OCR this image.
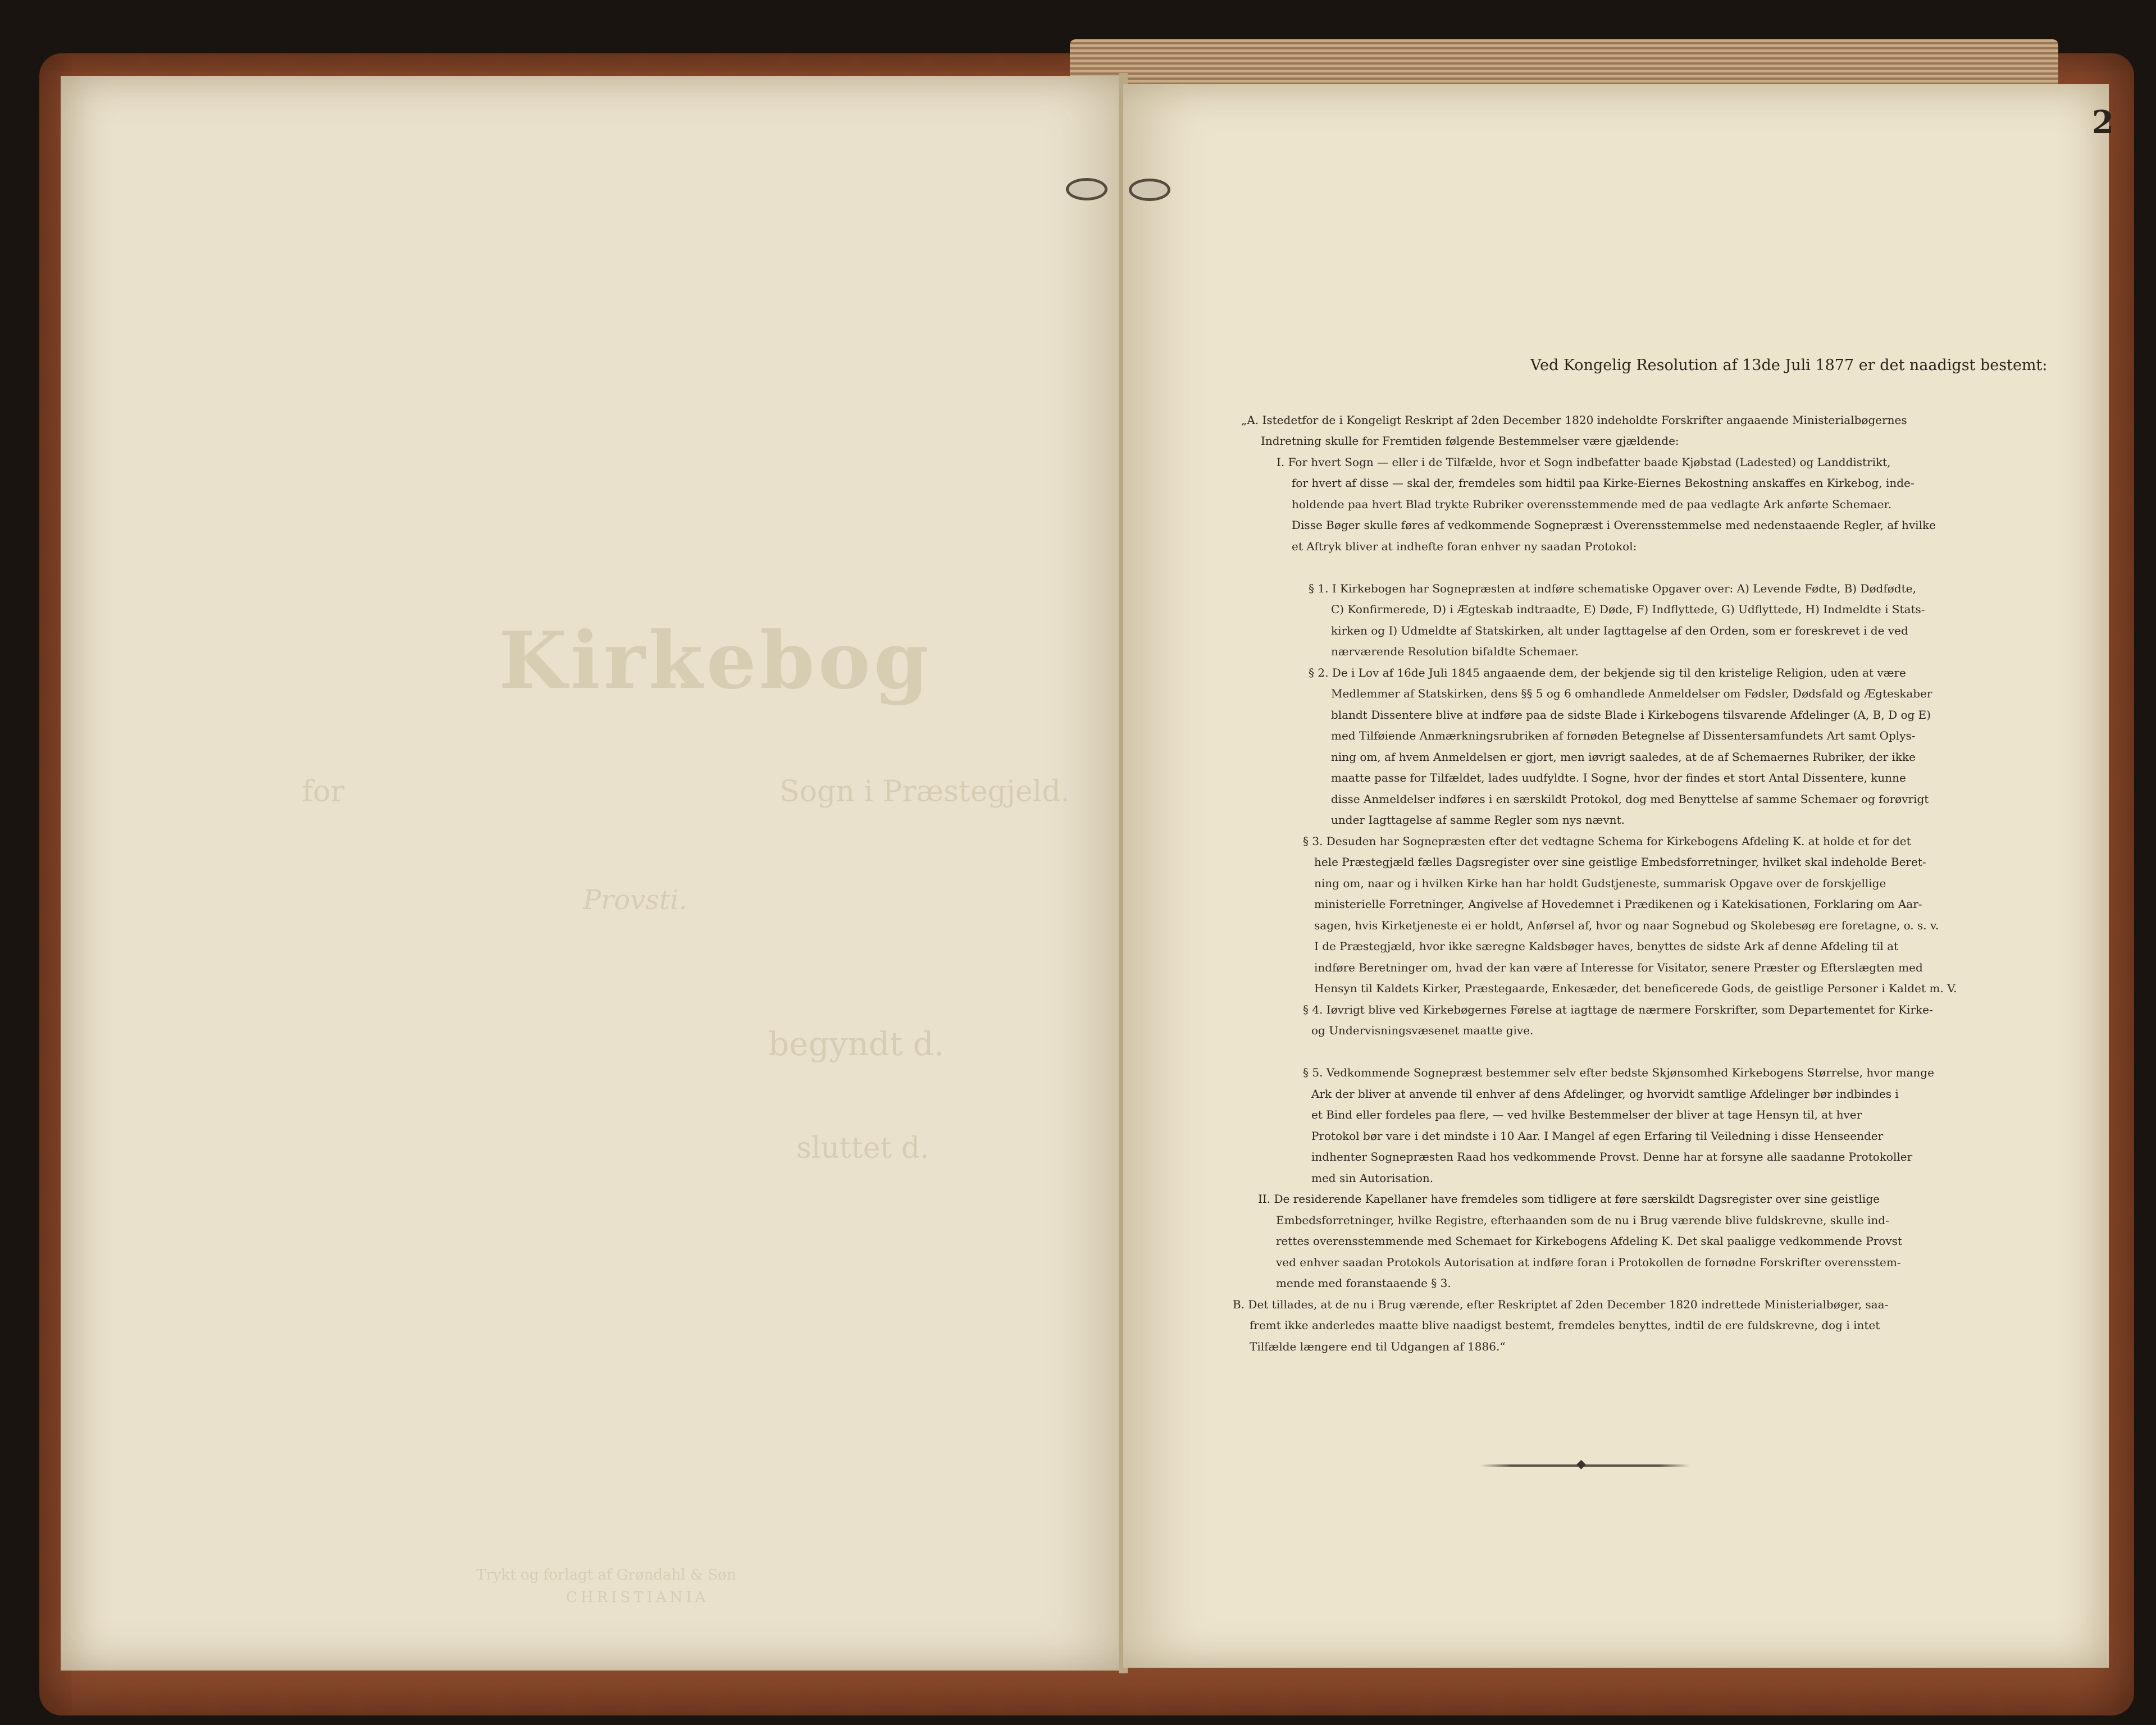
Kirkebog
for	Sogn i Præstegjeld.
Provsti.
begyndt d.
sluttet d.
Trykt og forlagt af Grøndahl & Søn
CHRISTIANIA
Ved Kongelig Resolution af 13de Juli 1877 er det naadigst bestemt:
„A. Istedetfor de i Kongeligt Reskript af 2den December 1820 indeholdte Forskrifter angaaende Ministerialbøgernes
Indretning skulle for Fremtiden følgende Bestemmelser være gjældende:
I. For hvert Sogn — eller i de Tilfælde, hvor et Sogn indbefatter baade Kjøbstad (Ladested) og Landdistrikt,
for hvert af disse — skal der, fremdeles som hidtil paa Kirke-Eiernes Bekostning anskaffes en Kirkebog, inde-
holdende paa hvert Blad trykte Rubriker overensstemmende med de paa vedlagte Ark anførte Schemaer.
Disse Bøger skulle føres af vedkommende Sognepræst i Overensstemmelse med nedenstaaende Regler, af hvilke
et Aftryk bliver at indhefte foran enhver ny saadan Protokol:
§ 1. I Kirkebogen har Sognepræsten at indføre schematiske Opgaver over: A) Levende Fødte, B) Dødfødte,
C) Konfirmerede, D) i Ægteskab indtraadte, E) Døde, F) Indflyttede, G) Udflyttede, H) Indmeldte i Stats-
kirken og I) Udmeldte af Statskirken, alt under Iagttagelse af den Orden, som er foreskrevet i de ved
nærværende Resolution bifaldte Schemaer.
§ 2. De i Lov af 16de Juli 1845 angaaende dem, der bekjende sig til den kristelige Religion, uden at være
Medlemmer af Statskirken, dens §§ 5 og 6 omhandlede Anmeldelser om Fødsler, Dødsfald og Ægteskaber
blandt Dissentere blive at indføre paa de sidste Blade i Kirkebogens tilsvarende Afdelinger (A, B, D og E)
med Tilføiende Anmærkningsrubriken af fornøden Betegnelse af Dissentersamfundets Art samt Oplys-
ning om, af hvem Anmeldelsen er gjort, men iøvrigt saaledes, at de af Schemaernes Rubriker, der ikke
maatte passe for Tilfældet, lades uudfyldte. I Sogne, hvor der findes et stort Antal Dissentere, kunne
disse Anmeldelser indføres i en særskildt Protokol, dog med Benyttelse af samme Schemaer og forøvrigt
under Iagttagelse af samme Regler som nys nævnt.
§ 3. Desuden har Sognepræsten efter det vedtagne Schema for Kirkebogens Afdeling K. at holde et for det
hele Præstegjæld fælles Dagsregister over sine geistlige Embedsforretninger, hvilket skal indeholde Beret-
ning om, naar og i hvilken Kirke han har holdt Gudstjeneste, summarisk Opgave over de forskjellige
ministerielle Forretninger, Angivelse af Hovedemnet i Prædikenen og i Katekisationen, Forklaring om Aar-
sagen, hvis Kirketjeneste ei er holdt, Anførsel af, hvor og naar Sognebud og Skolebesøg ere foretagne, o. s. v.
I de Præstegjæld, hvor ikke særegne Kaldsbøger haves, benyttes de sidste Ark af denne Afdeling til at
indføre Beretninger om, hvad der kan være af Interesse for Visitator, senere Præster og Efterslægten med
Hensyn til Kaldets Kirker, Præstegaarde, Enkesæder, det beneficerede Gods, de geistlige Personer i Kaldet m. V.
§ 4. Iøvrigt blive ved Kirkebøgernes Førelse at iagttage de nærmere Forskrifter, som Departementet for Kirke-
og Undervisningsvæsenet maatte give.
§ 5. Vedkommende Sognepræst bestemmer selv efter bedste Skjønsomhed Kirkebogens Størrelse, hvor mange
Ark der bliver at anvende til enhver af dens Afdelinger, og hvorvidt samtlige Afdelinger bør indbindes i
et Bind eller fordeles paa flere, — ved hvilke Bestemmelser der bliver at tage Hensyn til, at hver
Protokol bør vare i det mindste i 10 Aar. I Mangel af egen Erfaring til Veiledning i disse Henseender
indhenter Sognepræsten Raad hos vedkommende Provst. Denne har at forsyne alle saadanne Protokoller
med sin Autorisation.
II. De residerende Kapellaner have fremdeles som tidligere at føre særskildt Dagsregister over sine geistlige
Embedsforretninger, hvilke Registre, efterhaanden som de nu i Brug værende blive fuldskrevne, skulle ind-
rettes overensstemmende med Schemaet for Kirkebogens Afdeling K. Det skal paaligge vedkommende Provst
ved enhver saadan Protokols Autorisation at indføre foran i Protokollen de fornødne Forskrifter overensstem-
mende med foranstaaende § 3.
B. Det tillades, at de nu i Brug værende, efter Reskriptet af 2den December 1820 indrettede Ministerialbøger, saa-
fremt ikke anderledes maatte blive naadigst bestemt, fremdeles benyttes, indtil de ere fuldskrevne, dog i intet
Tilfælde længere end til Udgangen af 1886.“
2
◆
